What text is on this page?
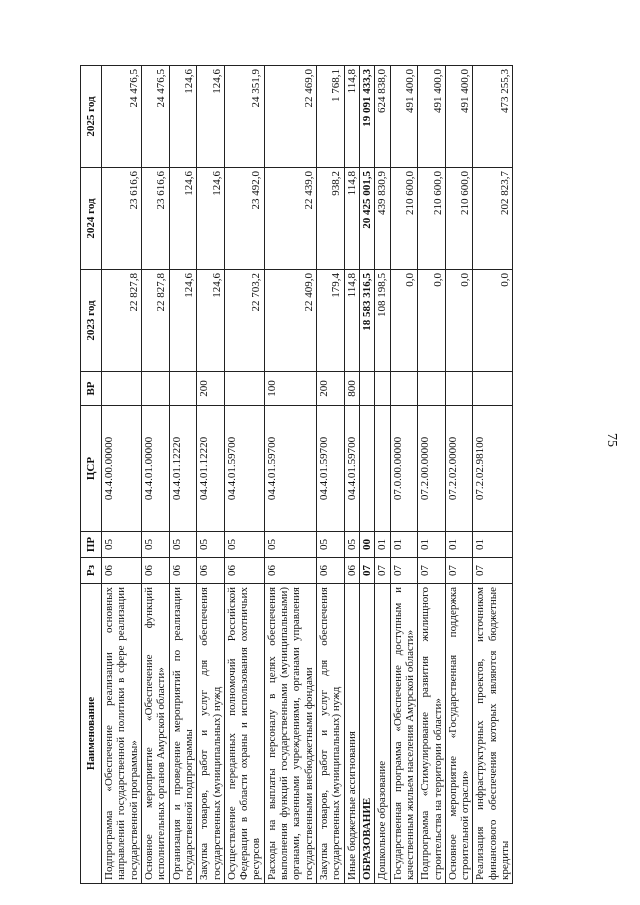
75
Наименование	Рз	ПР	ЦСР	ВР	2023 год	2024 год	2025 год
Подпрограмма «Обеспечение реализации основных направлений государственной политики в сфере реализации государственной программы»	06	05	04.4.00.00000		22 827,8	23 616,6	24 476,5
Основное мероприятие «Обеспечение функций исполнительных органов Амурской области»	06	05	04.4.01.00000		22 827,8	23 616,6	24 476,5
Организация и проведение мероприятий по реализации государственной подпрограммы	06	05	04.4.01.12220		124,6	124,6	124,6
Закупка товаров, работ и услуг для обеспечения государственных (муниципальных) нужд	06	05	04.4.01.12220	200	124,6	124,6	124,6
Осуществление переданных полномочий Российской Федерации в области охраны и использования охотничьих ресурсов	06	05	04.4.01.59700		22 703,2	23 492,0	24 351,9
Расходы на выплаты персоналу в целях обеспечения выполнения функций государственными (муниципальными) органами, казенными учреждениями, органами управления государственными внебюджетными фондами	06	05	04.4.01.59700	100	22 409,0	22 439,0	22 469,0
Закупка товаров, работ и услуг для обеспечения государственных (муниципальных) нужд	06	05	04.4.01.59700	200	179,4	938,2	1 768,1
Иные бюджетные ассигнования	06	05	04.4.01.59700	800	114,8	114,8	114,8
ОБРАЗОВАНИЕ	07	00			18 583 316,5	20 425 001,5	19 091 433,3
Дошкольное образование	07	01			108 198,5	439 830,9	624 838,0
Государственная программа «Обеспечение доступным и качественным жильем населения Амурской области»	07	01	07.0.00.00000		0,0	210 600,0	491 400,0
Подпрограмма «Стимулирование развития жилищного строительства на территории области»	07	01	07.2.00.00000		0,0	210 600,0	491 400,0
Основное мероприятие «Государственная поддержка строительной отрасли»	07	01	07.2.02.00000		0,0	210 600,0	491 400,0
Реализация инфраструктурных проектов, источником финансового обеспечения которых являются бюджетные кредиты	07	01	07.2.02.98100		0,0	202 823,7	473 255,3
